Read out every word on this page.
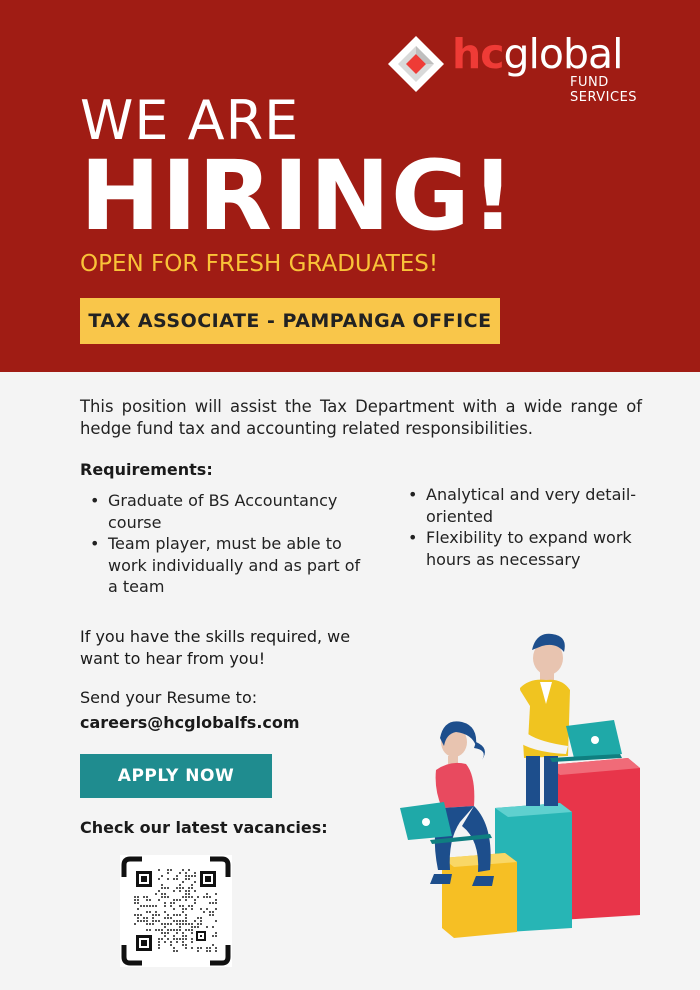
hcglobal
FUND SERVICES
WE ARE
HIRING!
OPEN FOR FRESH GRADUATES!
TAX ASSOCIATE - PAMPANGA OFFICE

This position will assist the Tax Department with a wide range of hedge fund tax and accounting related responsibilities.

Requirements:
• Graduate of BS Accountancy course
• Team player, must be able to work individually and as part of a team
• Analytical and very detail-oriented
• Flexibility to expand work hours as necessary
If you have the skills required, we want to hear from you!
Send your Resume to:
careers@hcglobalfs.com
APPLY NOW
Check our latest vacancies:
